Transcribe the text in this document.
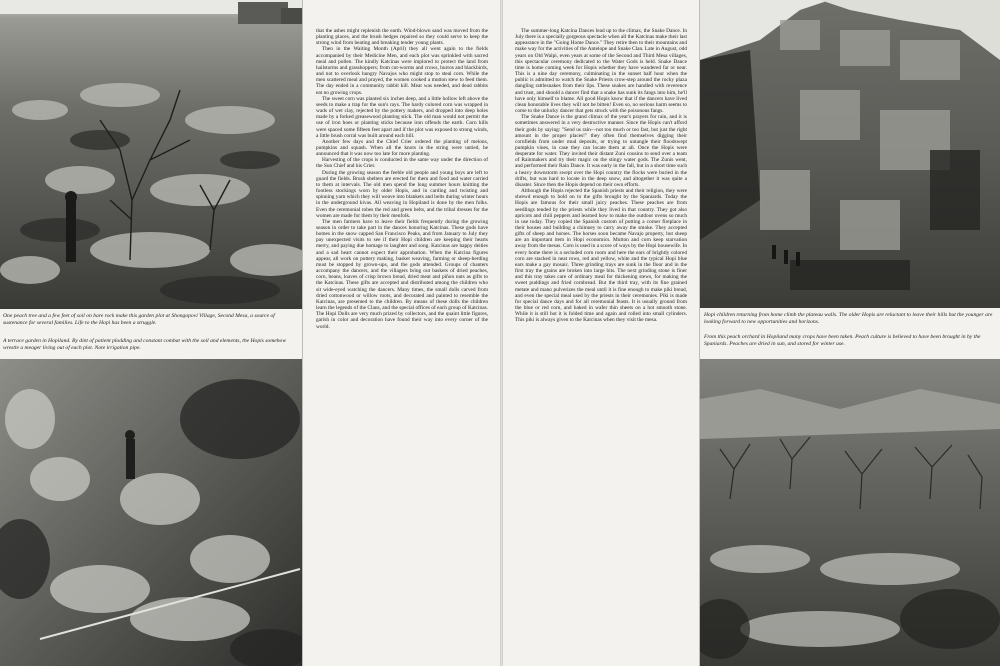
One peach tree and a few feet of soil on bare rock make this garden plot at Shongopovi Village, Second Mesa, a source of sustenance for several families. Life to the Hopi has been a struggle.
A terrace garden in Hopiland. By dint of patient plodding and constant combat with the soil and elements, the Hopis somehow wrestle a meager living out of each plot. Note irrigation pipe.

that the ashes might replenish the earth. Wind-blown sand was moved from the planting places, and the brush hedges repaired so they could serve to keep the strong wind from beating and breaking tender young plants.

Then in the Waiting Month (April) they all went again to the fields accompanied by their Medicine Men, and each plot was sprinkled with sacred meal and pollen. The kindly Katcinas were implored to protect the land from hailstorms and grasshoppers; from cut-worms and crows, burros and blackbirds, and not to overlook hungry Navajos who might stop to steal corn. While the men scattered meal and prayed, the women cooked a mutton stew to feed them. The day ended in a community rabbit kill. Meat was needed, and dead rabbits eat no growing crops.

The sweet corn was planted six inches deep, and a little hollow left above the seeds to make a trap for the sun's rays. The hardy colored corn was wrapped in wads of wet clay, rejected by the pottery makers, and dropped into deep holes made by a forked greasewood planting stick. The old man would not permit the use of iron hoes or planting sticks because iron offends the earth. Corn hills were spaced some fifteen feet apart and if the plot was exposed to strong winds, a little brush corral was built around each hill.

Another few days and the Chief Crier ordered the planting of melons, pumpkins and squash. When all the knots in the string were untied, he announced that it was now too late for more planting.

Harvesting of the crops is conducted in the same way under the direction of the Sun Chief and his Crier.

During the growing season the feeble old people and young boys are left to guard the fields. Brush shelters are erected for them and food and water carried to them at intervals. The old men spend the long summer hours knitting the footless stockings worn by older Hopis, and in carding and twisting and spinning yarn which they will weave into blankets and belts during winter hours in the underground kivas. All weaving in Hopiland is done by the men folks. Even the ceremonial robes the red and green belts, and the tribal dresses for the women are made for them by their menfolk.

The men farmers have to leave their fields frequently during the growing season in order to take part in the dances honoring Katcinas. These gods have homes in the snow capped San Francisco Peaks, and from January to July they pay unexpected visits to see if their Hopi children are keeping their hearts merry, and paying due homage to laughter and song. Katcinas are happy deities and a sad heart cannot expect their approbation. When the Katcina figures appear, all work on pottery making, basket weaving, farming or sheep-herding must be stopped by grown-ups, and the gods attended. Groups of chanters accompany the dancers, and the villagers bring out baskets of dried peaches, corn, beans, loaves of crisp brown bread, dried meat and piñon nuts as gifts to the Katcinas. These gifts are accepted and distributed among the children who sit wide-eyed watching the dancers. Many times, the small dolls carved from dried cottonwood or willow roots, and decorated and painted to resemble the Katcinas, are presented to the children. By means of these dolls the children learn the legends of the Clans, and the special offices of each group of Katcinas. The Hopi Dolls are very much prized by collectors, and the quaint little figures, garish in color and decoration have found their way into every corner of the world.

The summer-long Katcina Dances lead up to the climax, the Snake Dance. In July there is a specially gorgeous spectacle when all the Katcinas make their last appearance in the "Going Home Dance." They retire then to their mountains and make way for the activities of the Antelope and Snake Clan. Late in August, odd years on Old Walpi, even years at some of the Second and Third Mesa villages, this spectacular ceremony dedicated to the Water Gods is held. Snake Dance time is home coming week for Hopis whether they have wandered far or near. This is a nine day ceremony, culminating in the sunset half hour when the public is admitted to watch the Snake Priests crow-step around the rocky plaza dangling rattlesnakes from their lips. These snakes are handled with reverence and trust, and should a dancer find that a snake has sunk its fangs into him, he'll have only himself to blame. All good Hopis know that if the dancers have lived clean honorable lives they will not be bitten! Even so, no serious harm seems to come to the unlucky dancer that gets struck with the poisonous fangs.

The Snake Dance is the grand climax of the year's prayers for rain, and it is sometimes answered in a very destructive manner. Since the Hopis can't afford their gods by saying: "Send us rain—not too much or too fast, but just the right amount in the proper places!" they often find themselves digging their cornfields from under mud deposits, or trying to untangle their floodswept pumpkin vines, in case they can locate them at all. Once the Hopis were desperate for water. They invited their distant Zuni cousins to send over a team of Rainmakers and try their magic on the stingy water gods. The Zunis went, and performed their Rain Dance. It was early in the fall, but in a short time such a heavy downstorm swept over the Hopi country the flocks were buried in the drifts, but was hard to locate in the deep snow, and altogether it was quite a disaster. Since then the Hopis depend on their own efforts.

Although the Hopis rejected the Spanish priests and their religion, they were shrewd enough to hold on to the gifts brought by the Spaniards. Today the Hopis are famous for their small juicy peaches. These peaches are from seedlings tended by the priests while they lived in that country. They got also apricots and chili peppers and learned how to make the outdoor ovens so much in use today. They copied the Spanish custom of putting a corner fireplace in their houses and building a chimney to carry away the smoke. They accepted gifts of sheep and horses. The horses soon became Navajo property, but sheep are an important item in Hopi economics. Mutton and corn keep starvation away from the mesas. Corn is used in a score of ways by the Hopi housewife. In every home there is a secluded corn room and here the ears of brightly colored corn are stacked in neat rows, red and yellow, white and the typical Hopi blue ears make a gay mosaic. Three grinding trays are sunk in the floor and in the first tray the grains are broken into large bits. The next grinding stone is finer and this tray takes care of ordinary meal for thickening stews, for making the sweet puddings and fried cornbread. But the third tray, with its fine grained metate and mano pulverizes the meal until it is fine enough to make piki bread, and even the special meal used by the priests in their ceremonies. Piki is made for special dance days and for all ceremonial feasts. It is usually ground from the blue or red corn, and baked in wafer thin sheets on a hot smooth stone. While it is still hot it is folded time and again and rolled into small cylinders. This piki is always given to the Katcinas when they visit the mesa.

Hopi children returning from home climb the plateau walls. The older Hopis are reluctant to leave their hills but the younger are looking forward to new opportunities and horizons.
From this peach orchard in Hopiland many crops have been taken. Peach culture is believed to have been brought in by the Spaniards. Peaches are dried in sun, and stored for winter use.
